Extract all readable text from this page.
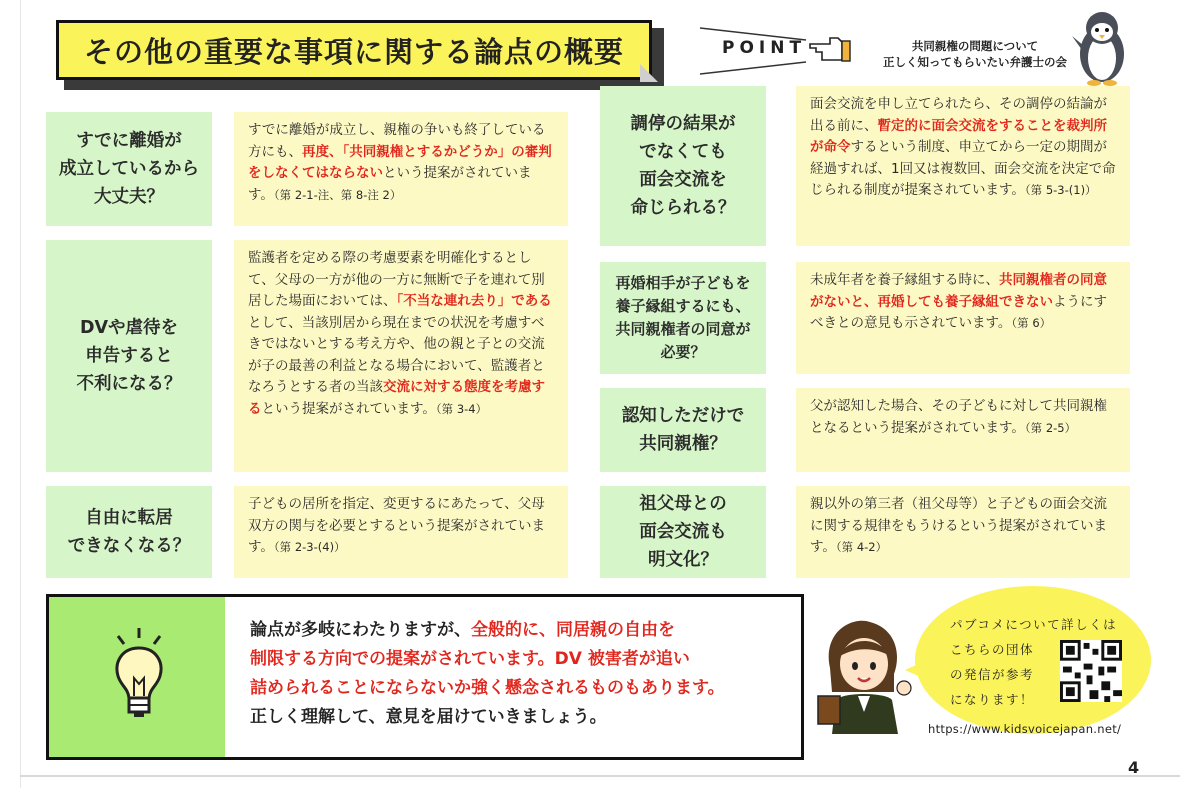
その他の重要な事項に関する論点の概要	POINT	共同親権の問題について
正しく知ってもらいたい弁護士の会
すでに離婚が
成立しているから
大丈夫？
すでに離婚が成立し、親権の争いも終了している方にも、再度、「共同親権とするかどうか」の審判をしなくてはならないという提案がされています。（第 2-1-注、第 8-注 2）
DVや虐待を
申告すると
不利になる？
監護者を定める際の考慮要素を明確化するとして、父母の一方が他の一方に無断で子を連れて別居した場面においては、「不当な連れ去り」であるとして、当該別居から現在までの状況を考慮すべきではないとする考え方や、他の親と子との交流が子の最善の利益となる場合において、監護者となろうとする者の当該交流に対する態度を考慮するという提案がされています。（第 3-4）
自由に転居
できなくなる？
子どもの居所を指定、変更するにあたって、父母双方の関与を必要とするという提案がされています。（第 2-3-(4)）
調停の結果が
でなくても
面会交流を
命じられる？
面会交流を申し立てられたら、その調停の結論が出る前に、暫定的に面会交流をすることを裁判所が命令するという制度、申立てから一定の期間が経過すれば、1回又は複数回、面会交流を決定で命じられる制度が提案されています。（第 5-3-(1)）
再婚相手が子どもを
養子縁組するにも、
共同親権者の同意が
必要？
未成年者を養子縁組する時に、共同親権者の同意がないと、再婚しても養子縁組できないようにすべきとの意見も示されています。（第 6）
認知しただけで
共同親権？
父が認知した場合、その子どもに対して共同親権となるという提案がされています。（第 2-5）
祖父母との
面会交流も
明文化？
親以外の第三者（祖父母等）と子どもの面会交流に関する規律をもうけるという提案がされています。（第 4-2）
論点が多岐にわたりますが、全般的に、同居親の自由を
制限する方向での提案がされています。DV 被害者が追い
詰められることにならないか強く懸念されるものもあります。
正しく理解して、意見を届けていきましょう。
パブコメについて詳しくは
こちらの団体
の発信が参考
になります！
https://www.kidsvoicejapan.net/
4
